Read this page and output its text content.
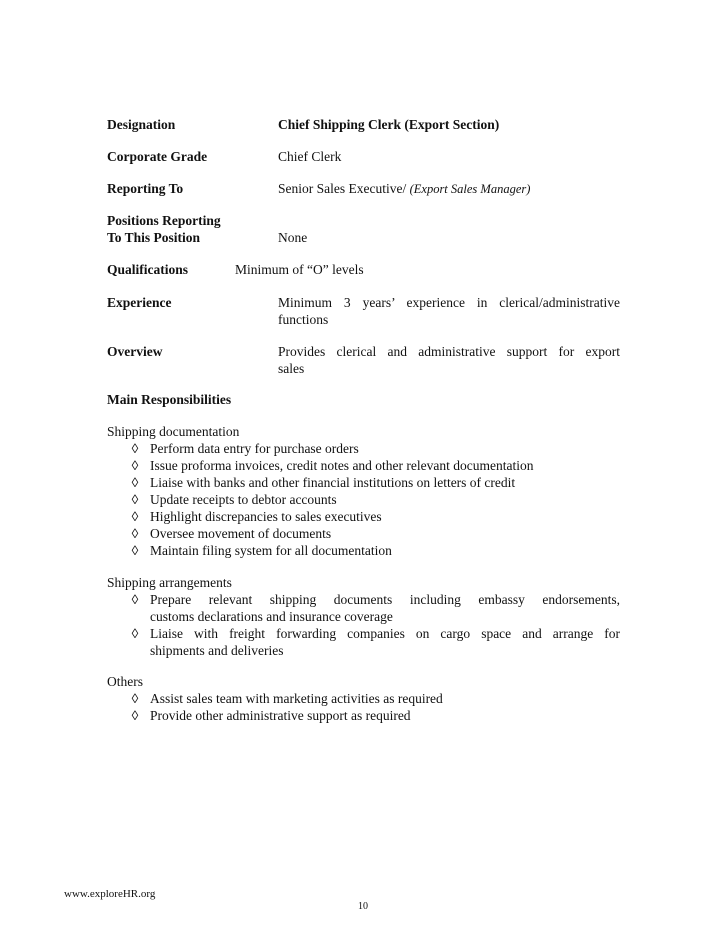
Designation	Chief Shipping Clerk (Export Section)
Corporate Grade	Chief Clerk
Reporting To	Senior Sales Executive/ (Export Sales Manager)
Positions Reporting
To This Position	None
Qualifications	Minimum of “O” levels
Experience	Minimum 3 years’ experience in clerical/administrative
functions
Overview	Provides clerical and administrative support for export
sales
Main Responsibilities
Shipping documentation
◊ Perform data entry for purchase orders
◊ Issue proforma invoices, credit notes and other relevant documentation
◊ Liaise with banks and other financial institutions on letters of credit
◊ Update receipts to debtor accounts
◊ Highlight discrepancies to sales executives
◊ Oversee movement of documents
◊ Maintain filing system for all documentation
Shipping arrangements
◊ Prepare relevant shipping documents including embassy endorsements,
customs declarations and insurance coverage
◊ Liaise with freight forwarding companies on cargo space and arrange for
shipments and deliveries
Others
◊ Assist sales team with marketing activities as required
◊ Provide other administrative support as required
www.exploreHR.org
10
